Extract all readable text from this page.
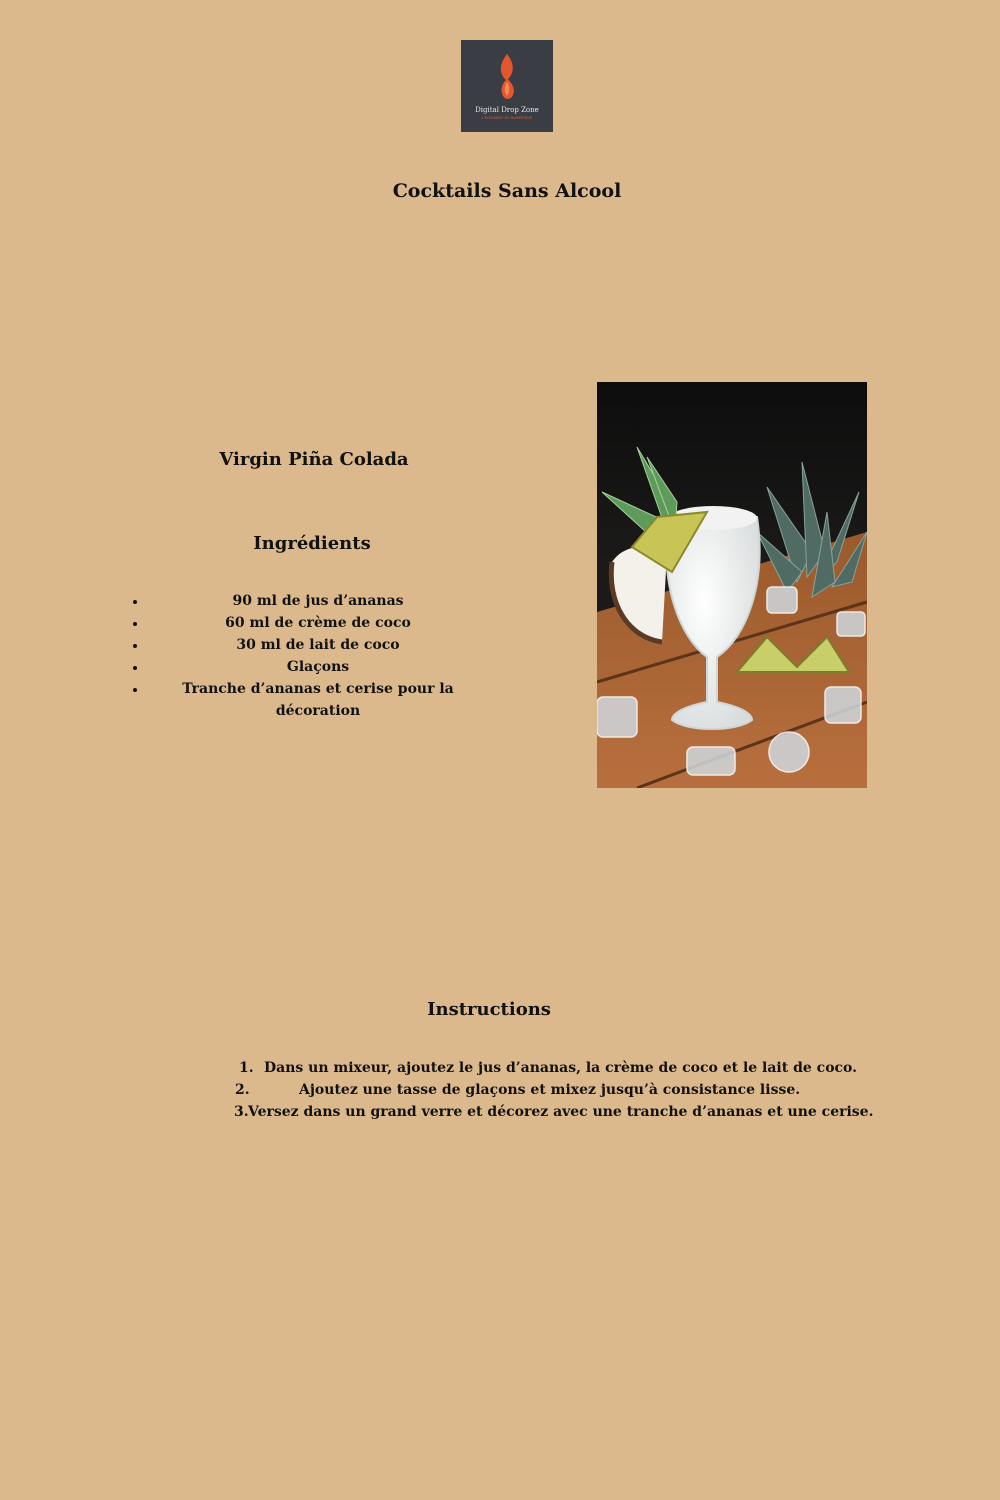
Digital Drop Zone
L'ÉLÉGANCE DU NUMÉRIQUE
Cocktails Sans Alcool
Virgin Piña Colada
Ingrédients
90 ml de jus d’ananas
60 ml de crème de coco
30 ml de lait de coco
Glaçons
Tranche d’ananas et cerise pour la décoration
Instructions
1. Dans un mixeur, ajoutez le jus d’ananas, la crème de coco et le lait de coco.
2.	Ajoutez une tasse de glaçons et mixez jusqu’à consistance lisse.
3. Versez dans un grand verre et décorez avec une tranche d’ananas et une cerise.
